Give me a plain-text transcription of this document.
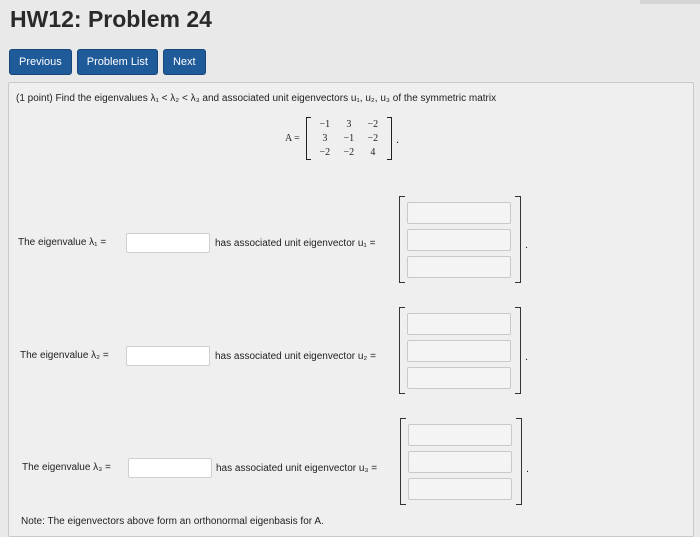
HW12: Problem 24
Previous	Problem List	Next
(1 point) Find the eigenvalues λ₁ < λ₂ < λ₃ and associated unit eigenvectors u₁, u₂, u₃ of the symmetric matrix
A =
−1	3	−2
3	−1	−2
−2	−2	4
.
The eigenvalue λ₁ =	has associated unit eigenvector u₁ =	.
The eigenvalue λ₂ =	has associated unit eigenvector u₂ =	.
The eigenvalue λ₃ =	has associated unit eigenvector u₃ =	.
Note: The eigenvectors above form an orthonormal eigenbasis for A.
